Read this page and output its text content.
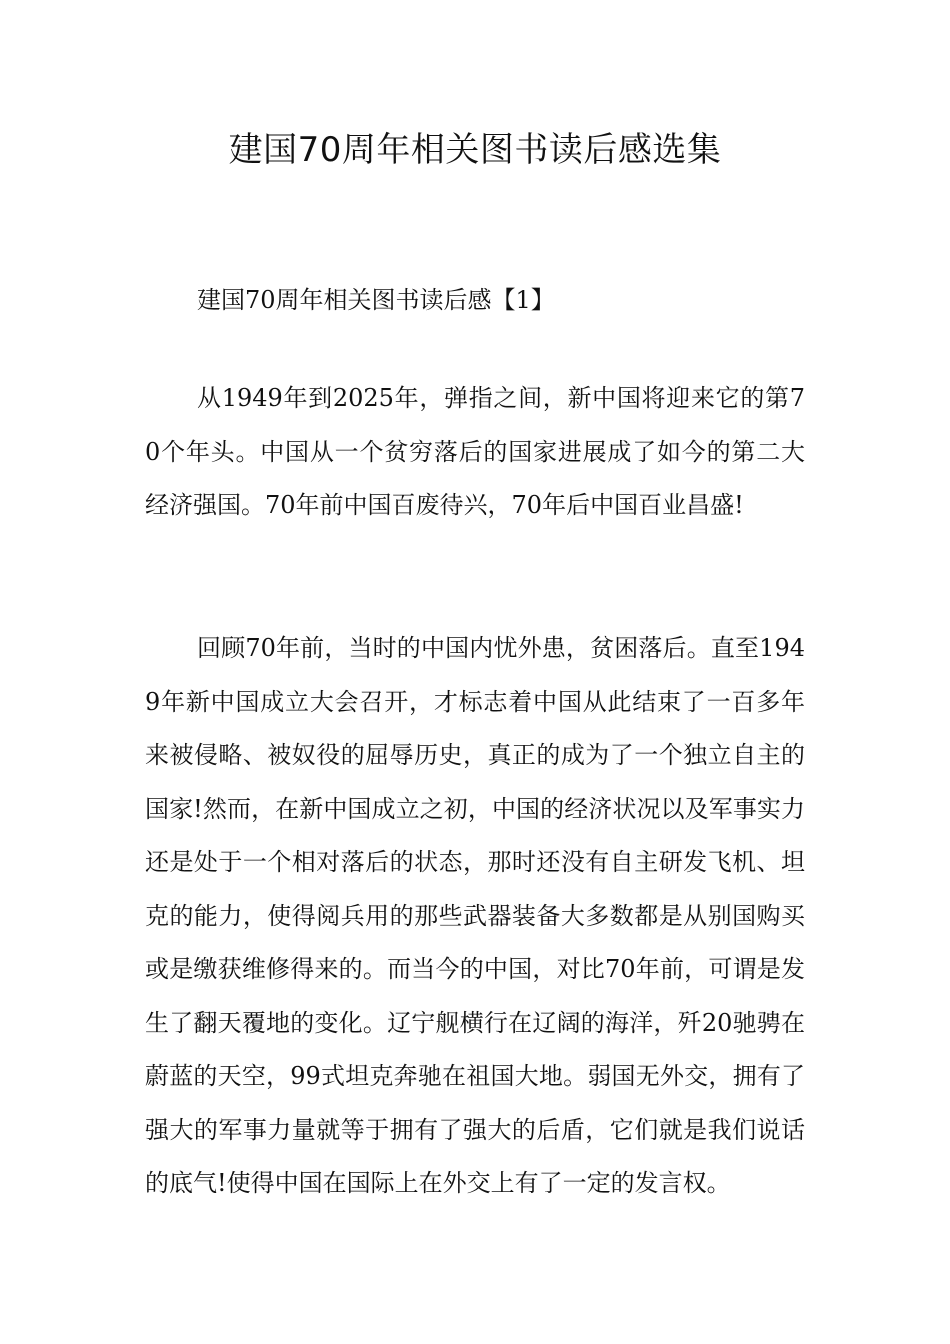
建国70周年相关图书读后感选集
建国70周年相关图书读后感【1】

从1949年到2025年，弹指之间，新中国将迎来它的第70个年头。中国从一个贫穷落后的国家进展成了如今的第二大经济强国。70年前中国百废待兴，70年后中国百业昌盛!

回顾70年前，当时的中国内忧外患，贫困落后。直至1949年新中国成立大会召开，才标志着中国从此结束了一百多年来被侵略、被奴役的屈辱历史，真正的成为了一个独立自主的国家!然而，在新中国成立之初，中国的经济状况以及军事实力还是处于一个相对落后的状态，那时还没有自主研发飞机、坦克的能力，使得阅兵用的那些武器装备大多数都是从别国购买或是缴获维修得来的。而当今的中国，对比70年前，可谓是发生了翻天覆地的变化。辽宁舰横行在辽阔的海洋，歼20驰骋在蔚蓝的天空，99式坦克奔驰在祖国大地。弱国无外交，拥有了强大的军事力量就等于拥有了强大的后盾，它们就是我们说话的底气!使得中国在国际上在外交上有了一定的发言权。
